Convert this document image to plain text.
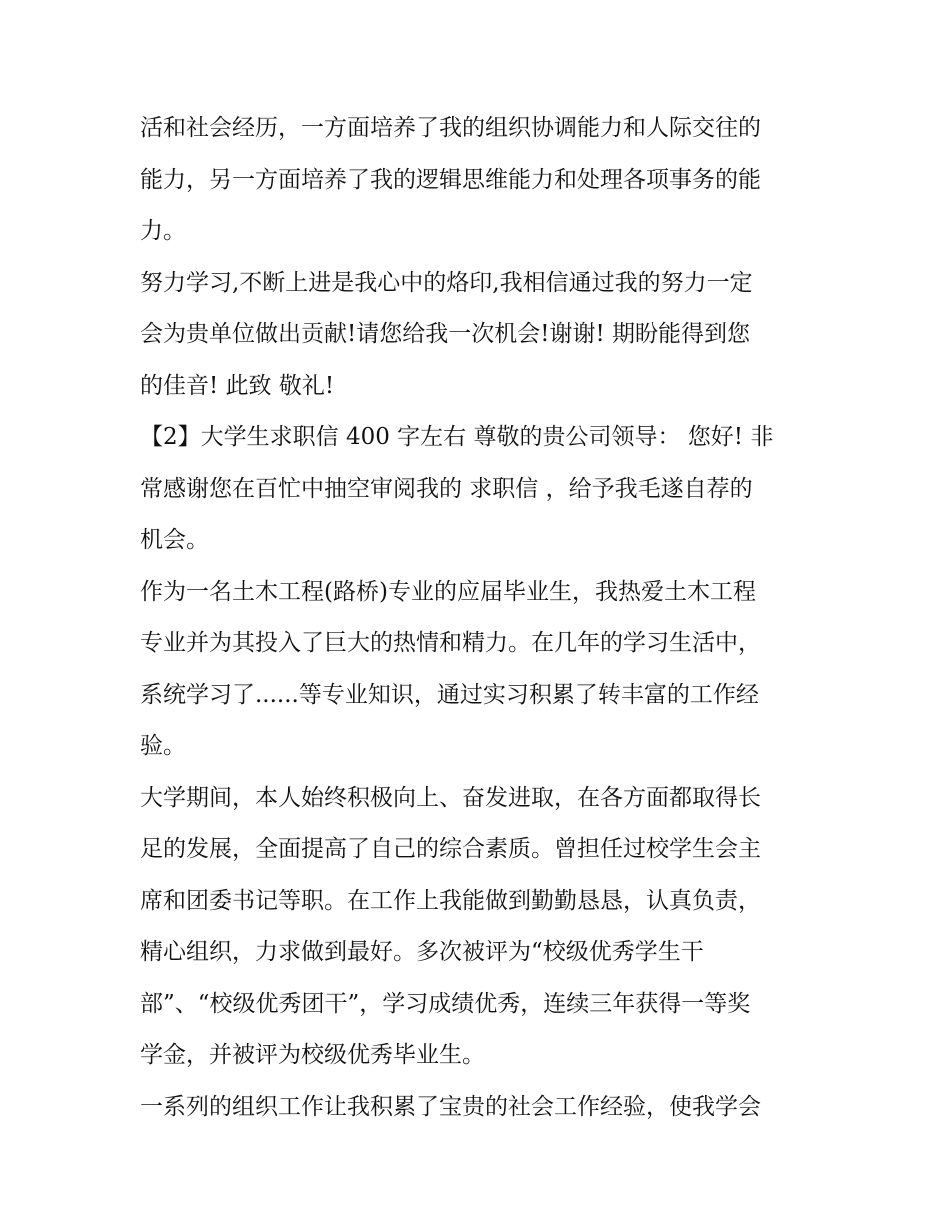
活和社会经历，一方面培养了我的组织协调能力和人际交往的
能力，另一方面培养了我的逻辑思维能力和处理各项事务的能
力。
努力学习,不断上进是我心中的烙印,我相信通过我的努力一定
会为贵单位做出贡献!请您给我一次机会!谢谢! 期盼能得到您
的佳音! 此致 敬礼!
【2】大学生求职信 400 字左右 尊敬的贵公司领导： 您好! 非
常感谢您在百忙中抽空审阅我的 求职信 ，给予我毛遂自荐的
机会。
作为一名土木工程(路桥)专业的应届毕业生，我热爱土木工程
专业并为其投入了巨大的热情和精力。在几年的学习生活中，
系统学习了......等专业知识，通过实习积累了转丰富的工作经
验。
大学期间，本人始终积极向上、奋发进取，在各方面都取得长
足的发展，全面提高了自己的综合素质。曾担任过校学生会主
席和团委书记等职。在工作上我能做到勤勤恳恳，认真负责，
精心组织，力求做到最好。多次被评为“校级优秀学生干
部”、“校级优秀团干”，学习成绩优秀，连续三年获得一等奖
学金，并被评为校级优秀毕业生。
一系列的组织工作让我积累了宝贵的社会工作经验，使我学会
